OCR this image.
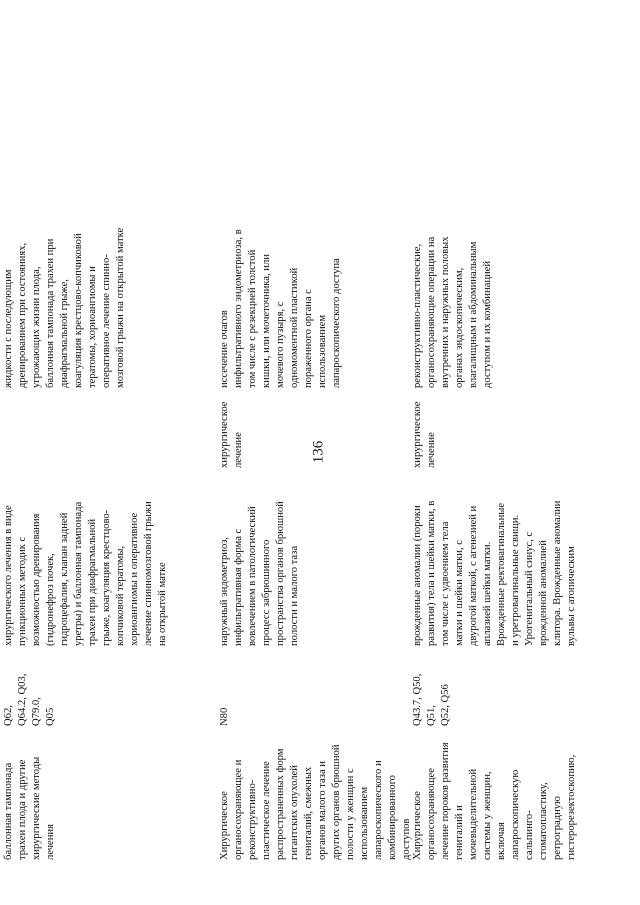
136

баллонная тампонада
трахеи плода и другие
хирургические методы
лечения
Q62,
Q64.2, Q03, Q79.0,
Q05

хирургического лечения в виде
пункционных методик с
возможностью дренирования
(гидронефроз почек,
гидроцефалия, клапан задней
уретры) и баллонная тампонада
трахеи при диафрагмальной
грыже, коагуляция крестцово-
копчиковой тератомы,
хориоангиомы и оперативное
лечение спинномозговой грыжи
на открытой матке

жидкости с последующим
дренированием при состояниях,
угрожающих жизни плода,
баллонная тампонада трахеи при
диафрагмальной грыже,
коагуляция крестцово-копчиковой
тератомы, хориоангиомы и
оперативное лечение спинно-
мозговой грыжи на открытой матке
Хирургическое
органосохраняющее и
реконструктивно-
пластическое лечение
распространенных форм
гигантских опухолей
гениталий, смежных
органов малого таза и
других органов брюшной
полости у женщин с
использованием
лапароскопического и
комбинированного
доступов
N80
наружный эндометриоз,
инфильтративная форма с
вовлечением в патологический
процесс забрюшинного
пространства органов брюшной
полости и малого таза
хирургическое
лечение
иссечение очагов
инфильтративного эндометриоза, в
том числе с резекцией толстой
кишки, или мочеточника, или
мочевого пузыря, с
одномоментной пластикой
пораженного органа с
использованием
лапароскопического доступа
Хирургическое
органосохраняющее
лечение пороков развития
гениталий и
мочевыделительной
системы у женщин,
включая
лапароскопическую
сальпинго-
стоматопластику,
ретроградную
гистерорезектоскопию,
Q43.7, Q50, Q51,
Q52, Q56
врожденные аномалии (пороки
развития) тела и шейки матки, в
том числе с удвоением тела
матки и шейки матки, с
двурогой маткой, с агенезией и
аплазией шейки матки.
Врожденные ректовагинальные
и уретровагинальные свищи.
Урогенитальный синус, с
врожденной аномалией
клитора. Врожденные аномалии
вульвы с атопическим
хирургическое
лечение
реконструктивно-пластические,
органосохраняющие операции на
внутренних и наружных половых
органах эндоскопическим,
влагалищным и абдоминальным
доступом и их комбинацией
